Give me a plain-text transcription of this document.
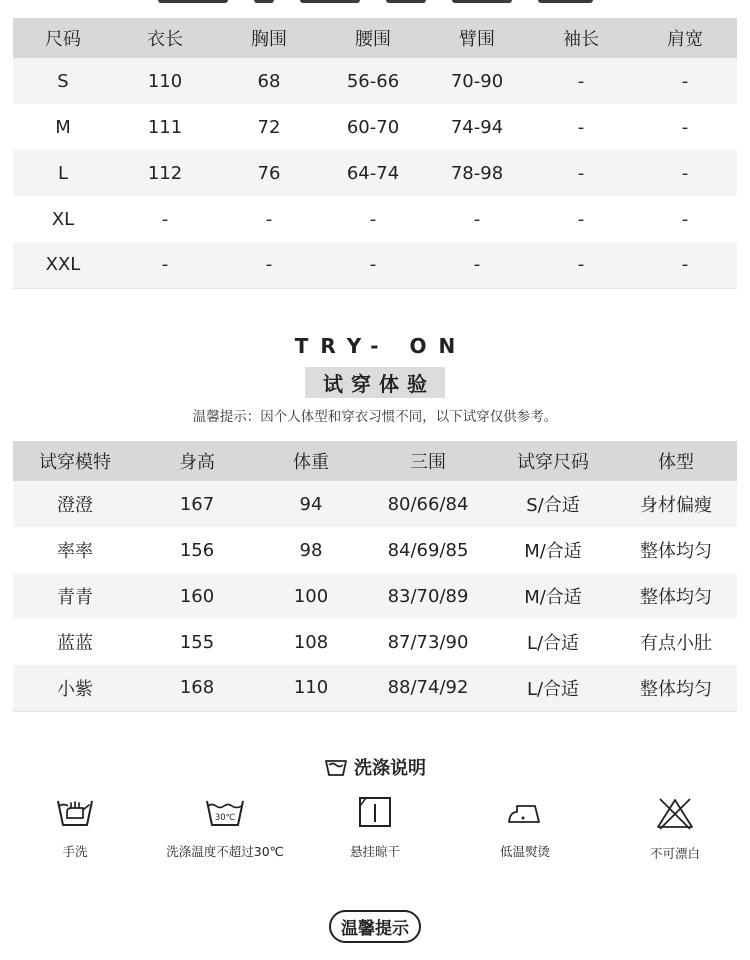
尺码	衣长	胸围	腰围	臂围	袖长	肩宽
S	110	68	56-66	70-90	-	-
M	111	72	60-70	74-94	-	-
L	112	76	64-74	78-98	-	-
XL	-	-	-	-	-	-
XXL	-	-	-	-	-	-
TRY- ON
试穿体验
温馨提示：因个人体型和穿衣习惯不同，以下试穿仅供参考。
试穿模特	身高	体重	三围	试穿尺码	体型
澄澄	167	94	80/66/84	S/合适	身材偏瘦
率率	156	98	84/69/85	M/合适	整体均匀
青青	160	100	83/70/89	M/合适	整体均匀
蓝蓝	155	108	87/73/90	L/合适	有点小肚
小紫	168	110	88/74/92	L/合适	整体均匀
洗涤说明
手洗
30℃
洗涤温度不超过30℃	悬挂晾干	低温熨烫	不可漂白
温馨提示
